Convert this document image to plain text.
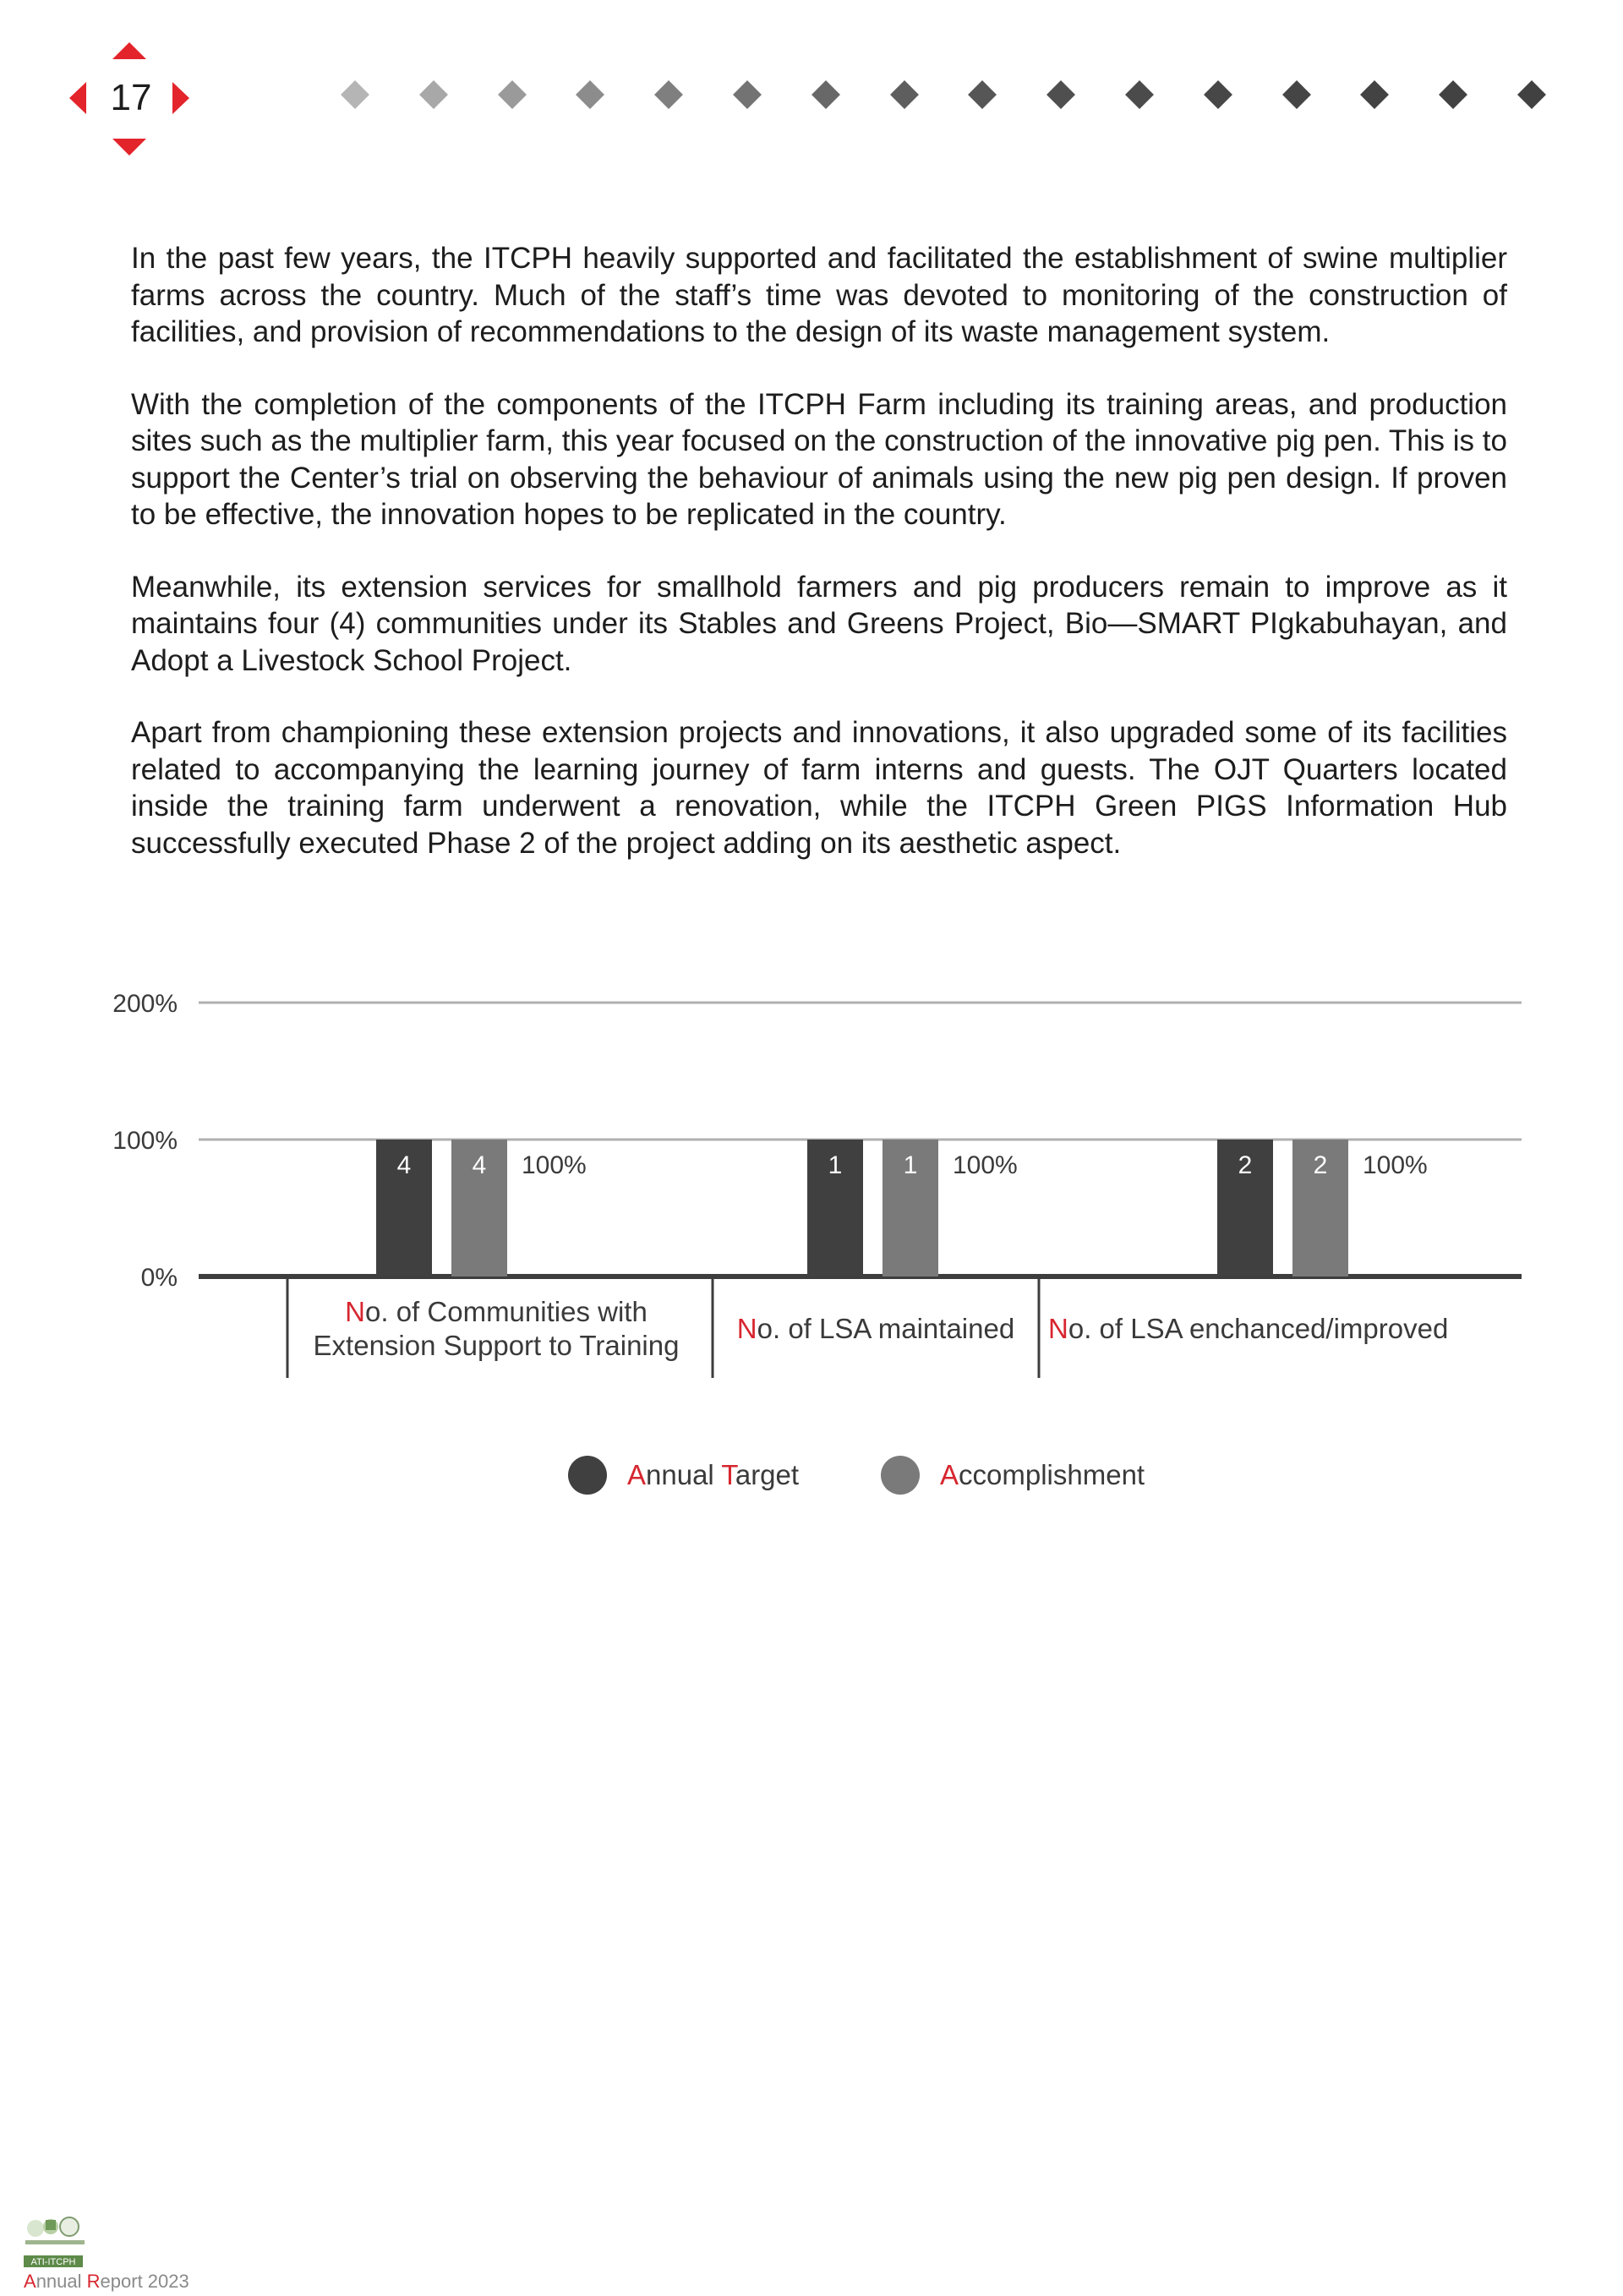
17

In the past few years, the ITCPH heavily supported and facilitated the establishment of swine multiplier farms across the country. Much of the staff’s time was devoted to monitoring of the construction of facilities, and provision of recommendations to the design of its waste management system.

With the completion of the components of the ITCPH Farm including its training areas, and production sites such as the multiplier farm, this year focused on the construction of the innovative pig pen. This is to support the Center’s trial on observing the behaviour of animals using the new pig pen design. If proven to be effective, the innovation hopes to be replicated in the country.

Meanwhile, its extension services for smallhold farmers and pig producers remain to improve as it maintains four (4) communities under its Stables and Greens Project, Bio—SMART PIgkabuhayan, and Adopt a Livestock School Project.

Apart from championing these extension projects and innovations, it also upgraded some of its facilities related to accompanying the learning journey of farm interns and guests. The OJT Quarters located inside the training farm underwent a renovation, while the ITCPH Green PIGS Information Hub successfully executed Phase 2 of the project adding on its aesthetic aspect.

0%
100%
200%
4 4 100%	1 1 100%	2 2 100%
No. of Communities with
Extension Support to Training
No. of LSA maintained	No. of LSA enchanced/improved
Annual Target	Accomplishment
ATI-ITCPH
Annual Report 2023
